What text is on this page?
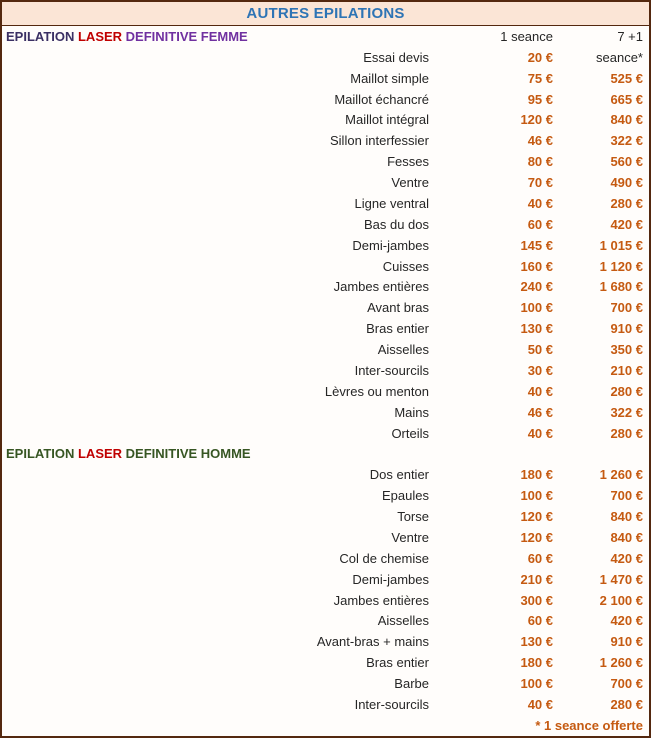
AUTRES EPILATIONS
EPILATION LASER DEFINITIVE FEMME	1 seance	7 +1
Essai devis	20 €	seance*
Maillot simple	75 €	525 €
Maillot échancré	95 €	665 €
Maillot intégral	120 €	840 €
Sillon interfessier	46 €	322 €
Fesses	80 €	560 €
Ventre	70 €	490 €
Ligne ventral	40 €	280 €
Bas du dos	60 €	420 €
Demi-jambes	145 €	1 015 €
Cuisses	160 €	1 120 €
Jambes entières	240 €	1 680 €
Avant bras	100 €	700 €
Bras entier	130 €	910 €
Aisselles	50 €	350 €
Inter-sourcils	30 €	210 €
Lèvres ou menton	40 €	280 €
Mains	46 €	322 €
Orteils	40 €	280 €
EPILATION LASER DEFINITIVE HOMME
Dos entier	180 €	1 260 €
Epaules	100 €	700 €
Torse	120 €	840 €
Ventre	120 €	840 €
Col de chemise	60 €	420 €
Demi-jambes	210 €	1 470 €
Jambes entières	300 €	2 100 €
Aisselles	60 €	420 €
Avant-bras + mains	130 €	910 €
Bras entier	180 €	1 260 €
Barbe	100 €	700 €
Inter-sourcils	40 €	280 €
* 1 seance offerte
